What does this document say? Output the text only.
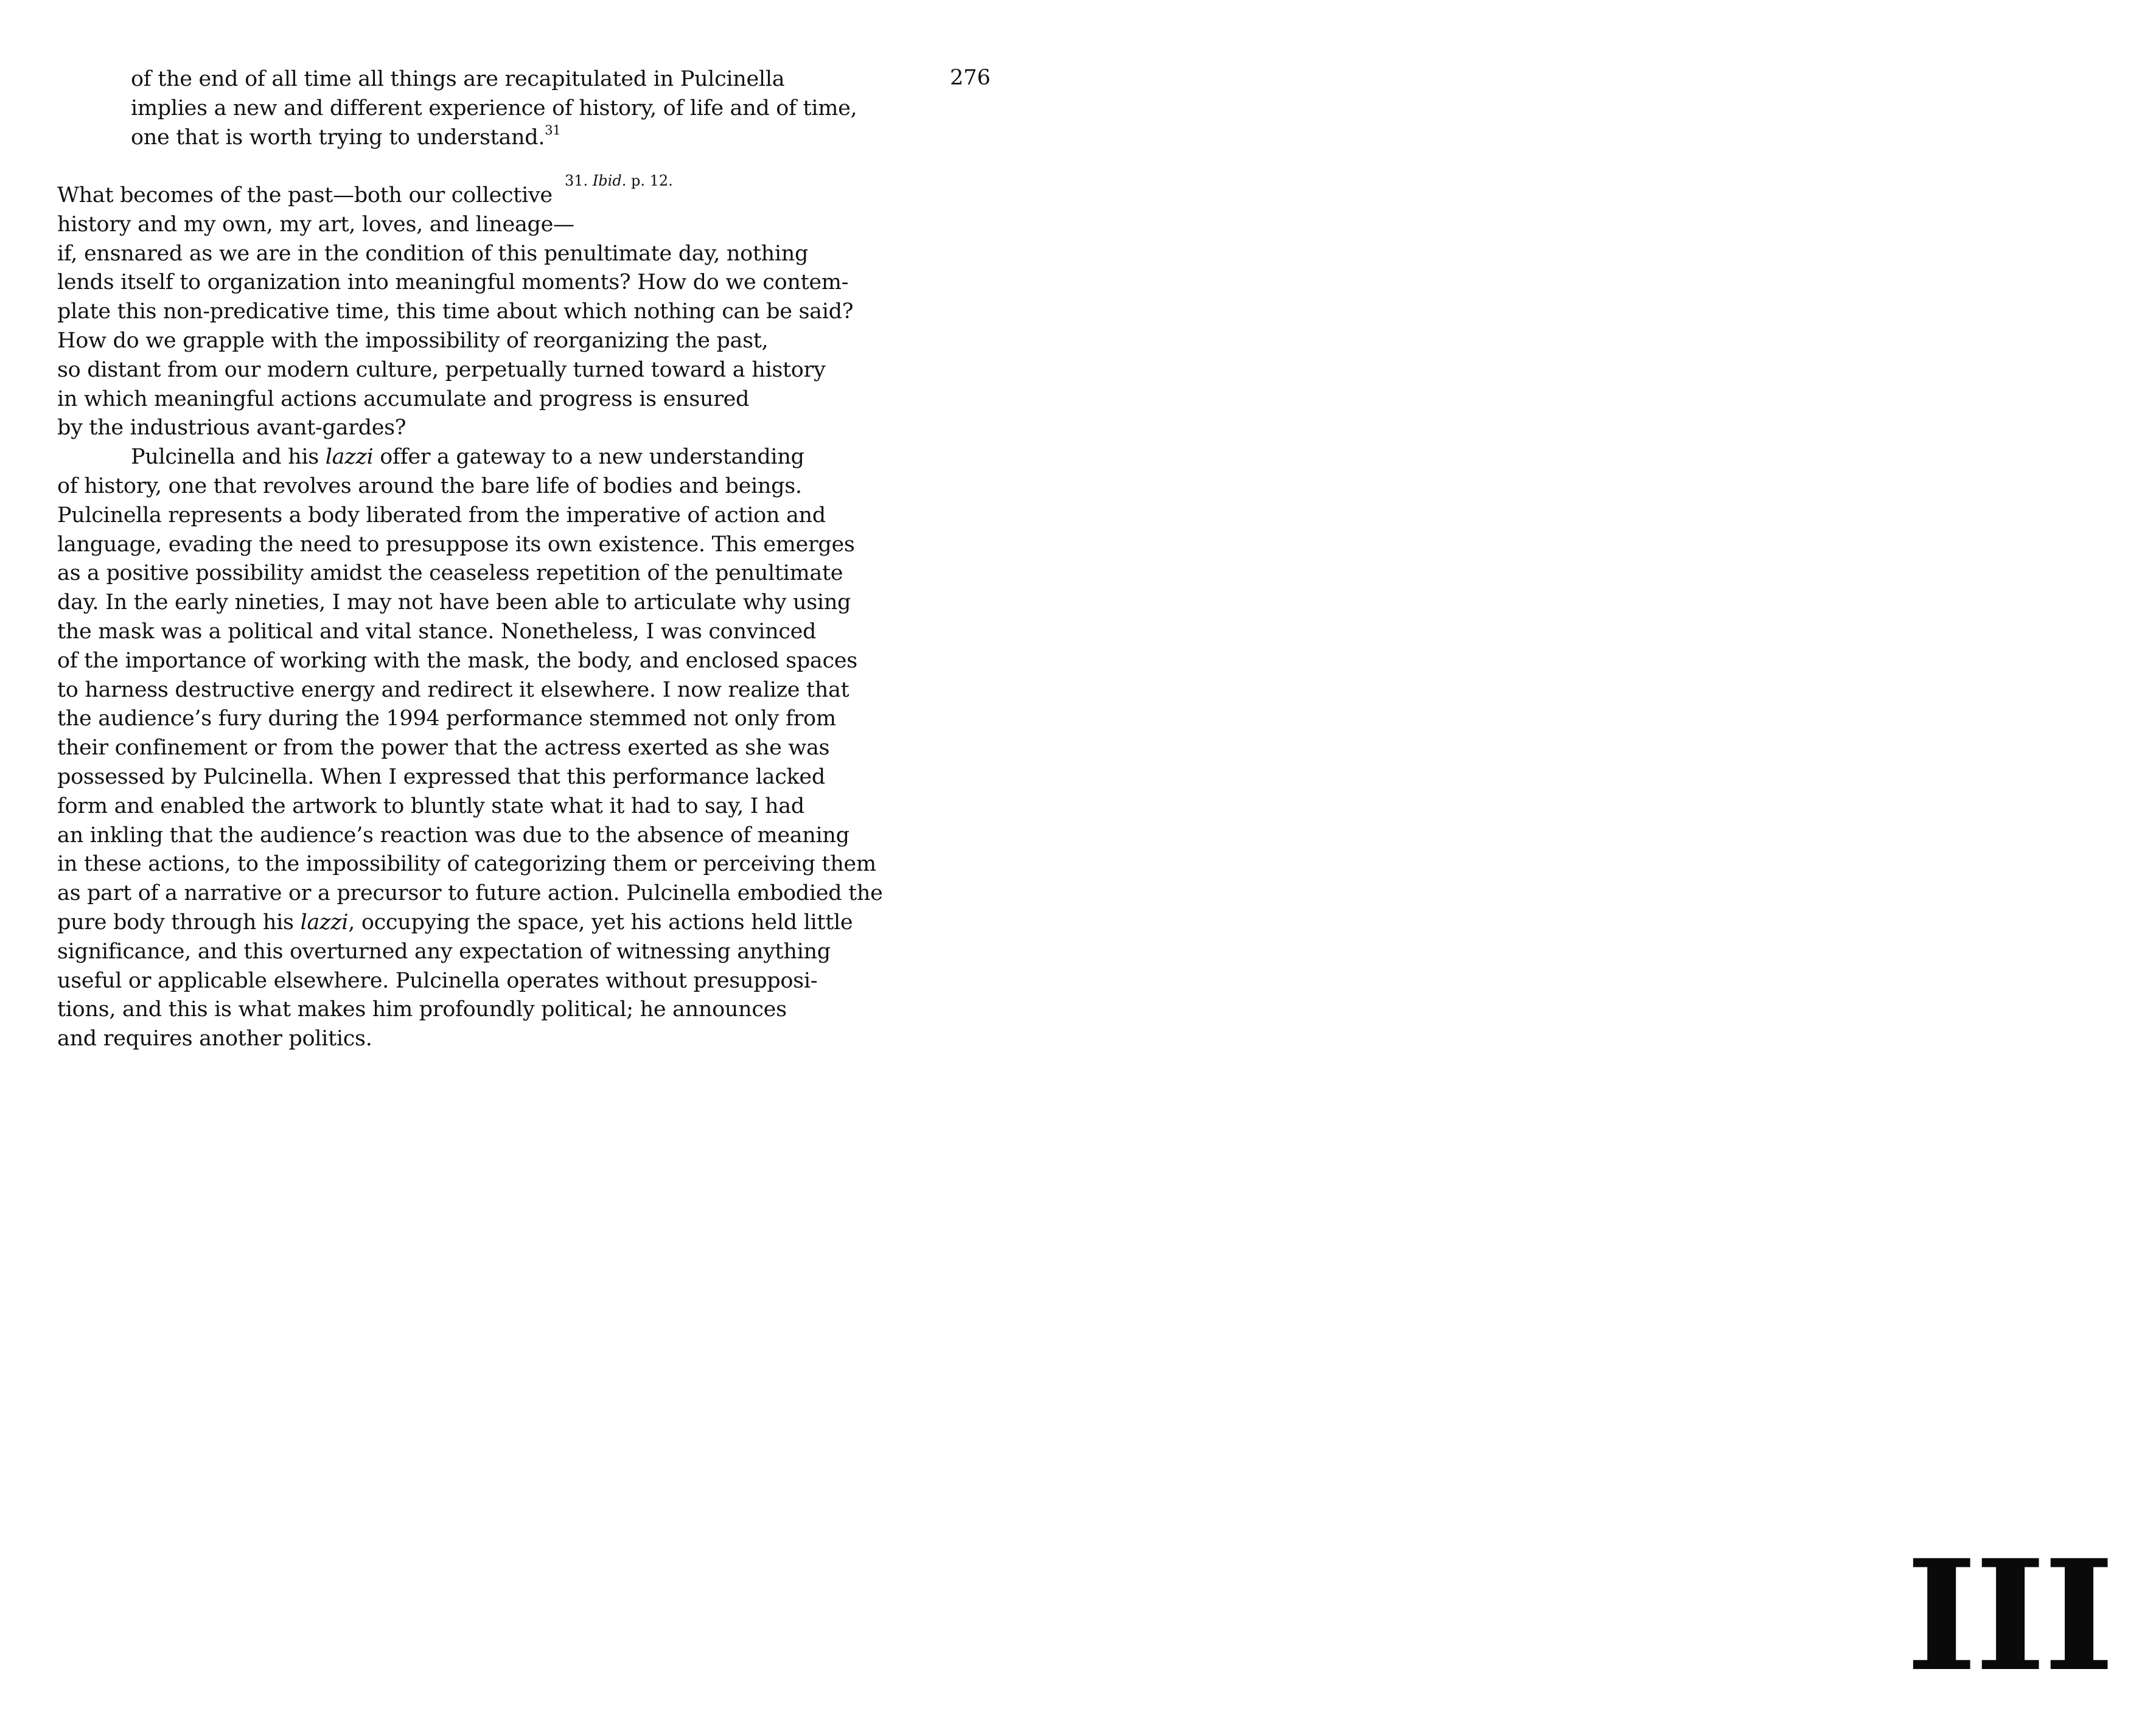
276
of the end of all time all things are recapitulated in Pulcinella
implies a new and different experience of history, of life and of time,
one that is worth trying to understand.$^{31}$
31. Ibid. p. 12.
What becomes of the past—both our collective
history and my own, my art, loves, and lineage—
if, ensnared as we are in the condition of this penultimate day, nothing
lends itself to organization into meaningful moments? How do we contem-
plate this non-predicative time, this time about which nothing can be said?
How do we grapple with the impossibility of reorganizing the past,
so distant from our modern culture, perpetually turned toward a history
in which meaningful actions accumulate and progress is ensured
by the industrious avant-gardes?
Pulcinella and his lazzi offer a gateway to a new understanding
of history, one that revolves around the bare life of bodies and beings.
Pulcinella represents a body liberated from the imperative of action and
language, evading the need to presuppose its own existence. This emerges
as a positive possibility amidst the ceaseless repetition of the penultimate
day. In the early nineties, I may not have been able to articulate why using
the mask was a political and vital stance. Nonetheless, I was convinced
of the importance of working with the mask, the body, and enclosed spaces
to harness destructive energy and redirect it elsewhere. I now realize that
the audience’s fury during the 1994 performance stemmed not only from
their confinement or from the power that the actress exerted as she was
possessed by Pulcinella. When I expressed that this performance lacked
form and enabled the artwork to bluntly state what it had to say, I had
an inkling that the audience’s reaction was due to the absence of meaning
in these actions, to the impossibility of categorizing them or perceiving them
as part of a narrative or a precursor to future action. Pulcinella embodied the
pure body through his lazzi, occupying the space, yet his actions held little
significance, and this overturned any expectation of witnessing anything
useful or applicable elsewhere. Pulcinella operates without presupposi-
tions, and this is what makes him profoundly political; he announces
and requires another politics.
III
